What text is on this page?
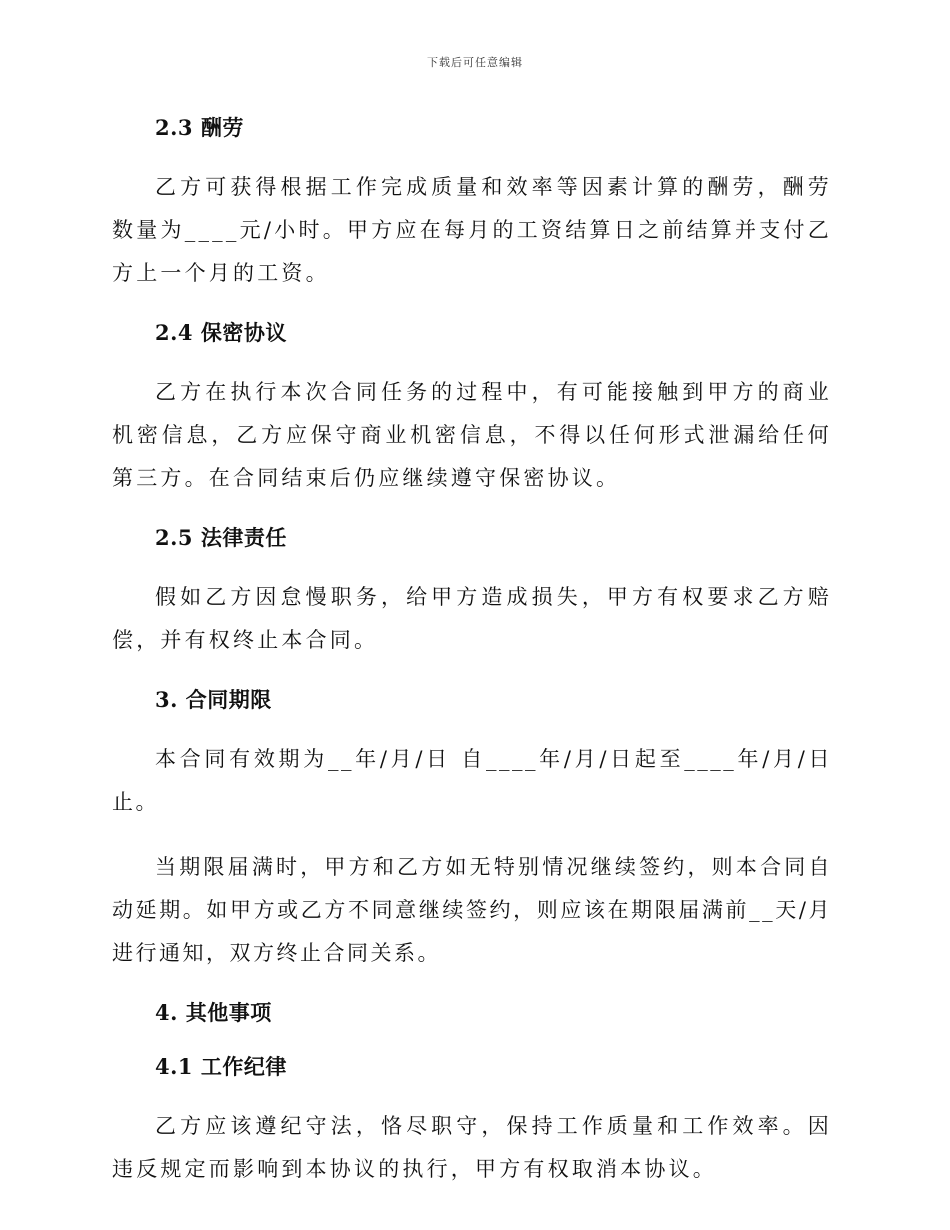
下载后可任意编辑
2.3 酬劳
乙方可获得根据工作完成质量和效率等因素计算的酬劳，酬劳数量为____元/小时。甲方应在每月的工资结算日之前结算并支付乙方上一个月的工资。
2.4 保密协议
乙方在执行本次合同任务的过程中，有可能接触到甲方的商业机密信息，乙方应保守商业机密信息，不得以任何形式泄漏给任何第三方。在合同结束后仍应继续遵守保密协议。
2.5 法律责任
假如乙方因怠慢职务，给甲方造成损失，甲方有权要求乙方赔偿，并有权终止本合同。
3. 合同期限
本合同有效期为__年/月/日 自____年/月/日起至____年/月/日止。
当期限届满时，甲方和乙方如无特别情况继续签约，则本合同自动延期。如甲方或乙方不同意继续签约，则应该在期限届满前__天/月进行通知，双方终止合同关系。
4. 其他事项
4.1 工作纪律
乙方应该遵纪守法，恪尽职守，保持工作质量和工作效率。因违反规定而影响到本协议的执行，甲方有权取消本协议。
